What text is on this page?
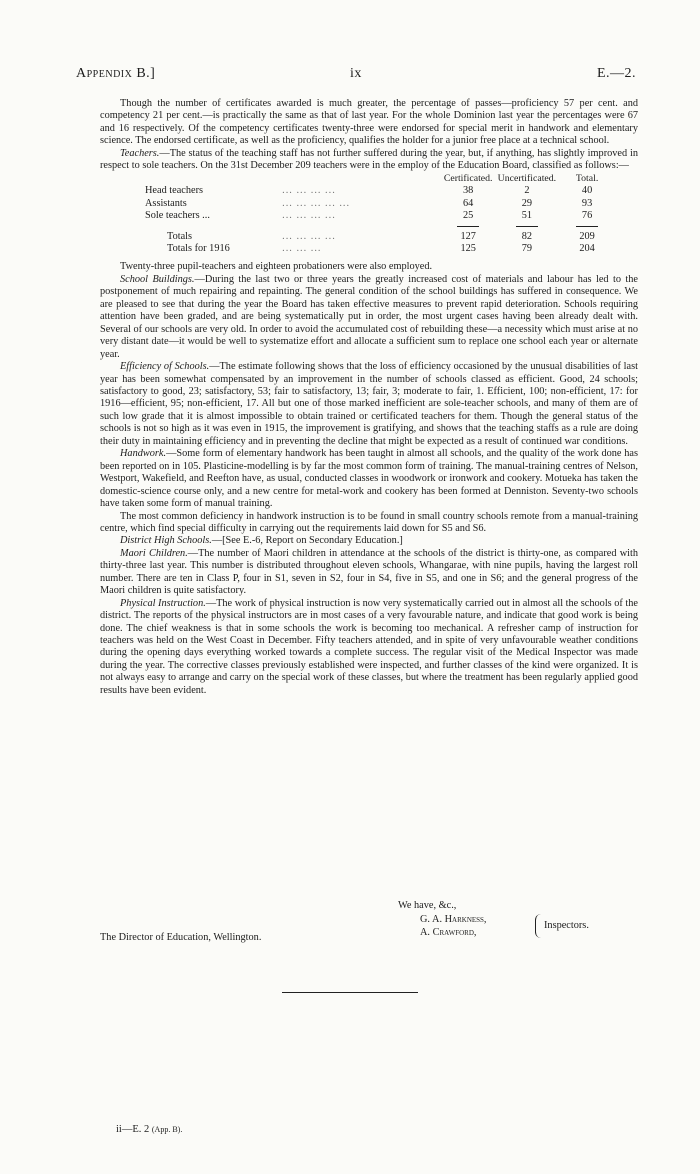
Appendix B.]	ix	E.—2.

Though the number of certificates awarded is much greater, the percentage of passes—proficiency 57 per cent. and competency 21 per cent.—is practically the same as that of last year. For the whole Dominion last year the percentages were 67 and 16 respectively. Of the competency certificates twenty-three were endorsed for special merit in handwork and elementary science. The endorsed certificate, as well as the proficiency, qualifies the holder for a junior free place at a technical school.

Teachers.—The status of the teaching staff has not further suffered during the year, but, if anything, has slightly improved in respect to sole teachers. On the 31st December 209 teachers were in the employ of the Education Board, classified as follows:—

		Certificated.	Uncertificated.	Total.
Head teachers	... ... ... ...	38	2	40
Assistants	... ... ... ... ...	64	29	93
Sole teachers ...	... ... ... ...	25	51	76

Totals	... ... ... ...	127	82	209
Totals for 1916	... ... ...	125	79	204

Twenty-three pupil-teachers and eighteen probationers were also employed.

School Buildings.—During the last two or three years the greatly increased cost of materials and labour has led to the postponement of much repairing and repainting. The general condition of the school buildings has suffered in consequence. We are pleased to see that during the year the Board has taken effective measures to prevent rapid deterioration. Schools requiring attention have been graded, and are being systematically put in order, the most urgent cases having been already dealt with. Several of our schools are very old. In order to avoid the accumulated cost of rebuilding these—a necessity which must arise at no very distant date—it would be well to systematize effort and allocate a sufficient sum to replace one school each year or alternate year.

Efficiency of Schools.—The estimate following shows that the loss of efficiency occasioned by the unusual disabilities of last year has been somewhat compensated by an improvement in the number of schools classed as efficient. Good, 24 schools; satisfactory to good, 23; satisfactory, 53; fair to satisfactory, 13; fair, 3; moderate to fair, 1. Efficient, 100; non-efficient, 17: for 1916—efficient, 95; non-efficient, 17. All but one of those marked inefficient are sole-teacher schools, and many of them are of such low grade that it is almost impossible to obtain trained or certificated teachers for them. Though the general status of the schools is not so high as it was even in 1915, the improvement is gratifying, and shows that the teaching staffs as a rule are doing their duty in maintaining efficiency and in preventing the decline that might be expected as a result of continued war conditions.

Handwork.—Some form of elementary handwork has been taught in almost all schools, and the quality of the work done has been reported on in 105. Plasticine-modelling is by far the most common form of training. The manual-training centres of Nelson, Westport, Wakefield, and Reefton have, as usual, conducted classes in woodwork or ironwork and cookery. Motueka has taken the domestic-science course only, and a new centre for metal-work and cookery has been formed at Denniston. Seventy-two schools have taken some form of manual training.

The most common deficiency in handwork instruction is to be found in small country schools remote from a manual-training centre, which find special difficulty in carrying out the requirements laid down for S5 and S6.

District High Schools.—[See E.-6, Report on Secondary Education.]

Maori Children.—The number of Maori children in attendance at the schools of the district is thirty-one, as compared with thirty-three last year. This number is distributed throughout eleven schools, Whangarae, with nine pupils, having the largest roll number. There are ten in Class P, four in S1, seven in S2, four in S4, five in S5, and one in S6; and the general progress of the Maori children is quite satisfactory.

Physical Instruction.—The work of physical instruction is now very systematically carried out in almost all the schools of the district. The reports of the physical instructors are in most cases of a very favourable nature, and indicate that good work is being done. The chief weakness is that in some schools the work is becoming too mechanical. A refresher camp of instruction for teachers was held on the West Coast in December. Fifty teachers attended, and in spite of very unfavourable weather conditions during the opening days everything worked towards a complete success. The regular visit of the Medical Inspector was made during the year. The corrective classes previously established were inspected, and further classes of the kind were organized. It is not always easy to arrange and carry on the special work of these classes, but where the treatment has been regularly applied good results have been evident.

We have, &c.,
G. A. Harkness,
A. Crawford,
Inspectors.
The Director of Education, Wellington.
ii—E. 2 (App. B).
